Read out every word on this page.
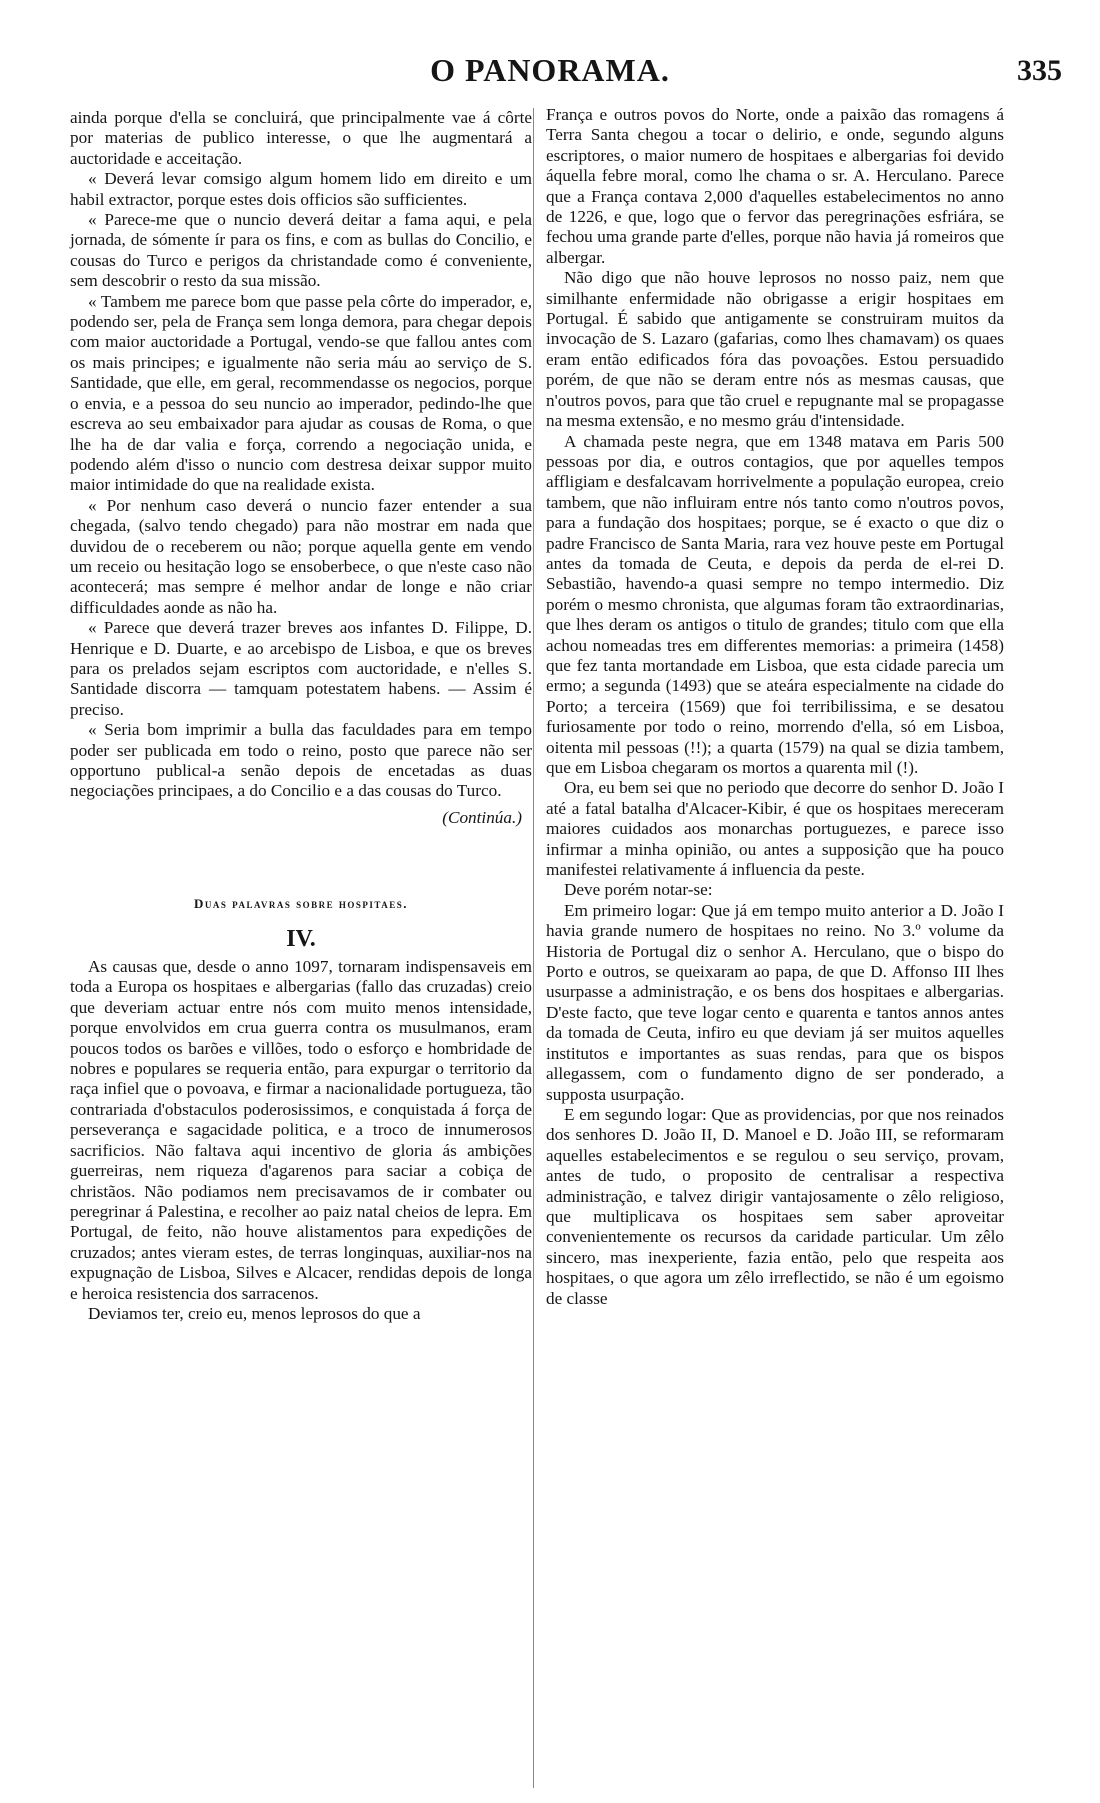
O PANORAMA.	335

ainda porque d'ella se concluirá, que principalmente vae á côrte por materias de publico interesse, o que lhe augmentará a auctoridade e acceitação.

« Deverá levar comsigo algum homem lido em direito e um habil extractor, porque estes dois officios são sufficientes.

« Parece-me que o nuncio deverá deitar a fama aqui, e pela jornada, de sómente ír para os fins, e com as bullas do Concilio, e cousas do Turco e perigos da christandade como é conveniente, sem descobrir o resto da sua missão.

« Tambem me parece bom que passe pela côrte do imperador, e, podendo ser, pela de França sem longa demora, para chegar depois com maior auctoridade a Portugal, vendo-se que fallou antes com os mais principes; e igualmente não seria máu ao serviço de S. Santidade, que elle, em geral, recommendasse os negocios, porque o envia, e a pessoa do seu nuncio ao imperador, pedindo-lhe que escreva ao seu embaixador para ajudar as cousas de Roma, o que lhe ha de dar valia e força, correndo a negociação unida, e podendo além d'isso o nuncio com destresa deixar suppor muito maior intimidade do que na realidade exista.

« Por nenhum caso deverá o nuncio fazer entender a sua chegada, (salvo tendo chegado) para não mostrar em nada que duvidou de o receberem ou não; porque aquella gente em vendo um receio ou hesitação logo se ensoberbece, o que n'este caso não acontecerá; mas sempre é melhor andar de longe e não criar difficuldades aonde as não ha.

« Parece que deverá trazer breves aos infantes D. Filippe, D. Henrique e D. Duarte, e ao arcebispo de Lisboa, e que os breves para os prelados sejam escriptos com auctoridade, e n'elles S. Santidade discorra — tamquam potestatem habens. — Assim é preciso.

« Seria bom imprimir a bulla das faculdades para em tempo poder ser publicada em todo o reino, posto que parece não ser opportuno publical-a senão depois de encetadas as duas negociações principaes, a do Concilio e a das cousas do Turco.

(Continúa.)
Duas palavras sobre hospitaes.
IV.

As causas que, desde o anno 1097, tornaram indispensaveis em toda a Europa os hospitaes e albergarias (fallo das cruzadas) creio que deveriam actuar entre nós com muito menos intensidade, porque envolvidos em crua guerra contra os musulmanos, eram poucos todos os barões e villões, todo o esforço e hombridade de nobres e populares se requeria então, para expurgar o territorio da raça infiel que o povoava, e firmar a nacionalidade portugueza, tão contrariada d'obstaculos poderosissimos, e conquistada á força de perseverança e sagacidade politica, e a troco de innumerosos sacrificios. Não faltava aqui incentivo de gloria ás ambições guerreiras, nem riqueza d'agarenos para saciar a cobiça de christãos. Não podiamos nem precisavamos de ir combater ou peregrinar á Palestina, e recolher ao paiz natal cheios de lepra. Em Portugal, de feito, não houve alistamentos para expedições de cruzados; antes vieram estes, de terras longinquas, auxiliar-nos na expugnação de Lisboa, Silves e Alcacer, rendidas depois de longa e heroica resistencia dos sarracenos.

Deviamos ter, creio eu, menos leprosos do que a

França e outros povos do Norte, onde a paixão das romagens á Terra Santa chegou a tocar o delirio, e onde, segundo alguns escriptores, o maior numero de hospitaes e albergarias foi devido áquella febre moral, como lhe chama o sr. A. Herculano. Parece que a França contava 2,000 d'aquelles estabelecimentos no anno de 1226, e que, logo que o fervor das peregrinações esfriára, se fechou uma grande parte d'elles, porque não havia já romeiros que albergar.

Não digo que não houve leprosos no nosso paiz, nem que similhante enfermidade não obrigasse a erigir hospitaes em Portugal. É sabido que antigamente se construiram muitos da invocação de S. Lazaro (gafarias, como lhes chamavam) os quaes eram então edificados fóra das povoações. Estou persuadido porém, de que não se deram entre nós as mesmas causas, que n'outros povos, para que tão cruel e repugnante mal se propagasse na mesma extensão, e no mesmo gráu d'intensidade.

A chamada peste negra, que em 1348 matava em Paris 500 pessoas por dia, e outros contagios, que por aquelles tempos affligiam e desfalcavam horrivelmente a população europea, creio tambem, que não influiram entre nós tanto como n'outros povos, para a fundação dos hospitaes; porque, se é exacto o que diz o padre Francisco de Santa Maria, rara vez houve peste em Portugal antes da tomada de Ceuta, e depois da perda de el-rei D. Sebastião, havendo-a quasi sempre no tempo intermedio. Diz porém o mesmo chronista, que algumas foram tão extraordinarias, que lhes deram os antigos o titulo de grandes; titulo com que ella achou nomeadas tres em differentes memorias: a primeira (1458) que fez tanta mortandade em Lisboa, que esta cidade parecia um ermo; a segunda (1493) que se ateára especialmente na cidade do Porto; a terceira (1569) que foi terribilissima, e se desatou furiosamente por todo o reino, morrendo d'ella, só em Lisboa, oitenta mil pessoas (!!); a quarta (1579) na qual se dizia tambem, que em Lisboa chegaram os mortos a quarenta mil (!).

Ora, eu bem sei que no periodo que decorre do senhor D. João I até a fatal batalha d'Alcacer-Kibir, é que os hospitaes mereceram maiores cuidados aos monarchas portuguezes, e parece isso infirmar a minha opinião, ou antes a supposição que ha pouco manifestei relativamente á influencia da peste.

Deve porém notar-se:

Em primeiro logar: Que já em tempo muito anterior a D. João I havia grande numero de hospitaes no reino. No 3.º volume da Historia de Portugal diz o senhor A. Herculano, que o bispo do Porto e outros, se queixaram ao papa, de que D. Affonso III lhes usurpasse a administração, e os bens dos hospitaes e albergarias. D'este facto, que teve logar cento e quarenta e tantos annos antes da tomada de Ceuta, infiro eu que deviam já ser muitos aquelles institutos e importantes as suas rendas, para que os bispos allegassem, com o fundamento digno de ser ponderado, a supposta usurpação.

E em segundo logar: Que as providencias, por que nos reinados dos senhores D. João II, D. Manoel e D. João III, se reformaram aquelles estabelecimentos e se regulou o seu serviço, provam, antes de tudo, o proposito de centralisar a respectiva administração, e talvez dirigir vantajosamente o zêlo religioso, que multiplicava os hospitaes sem saber aproveitar convenientemente os recursos da caridade particular. Um zêlo sincero, mas inexperiente, fazia então, pelo que respeita aos hospitaes, o que agora um zêlo irreflectido, se não é um egoismo de classe
